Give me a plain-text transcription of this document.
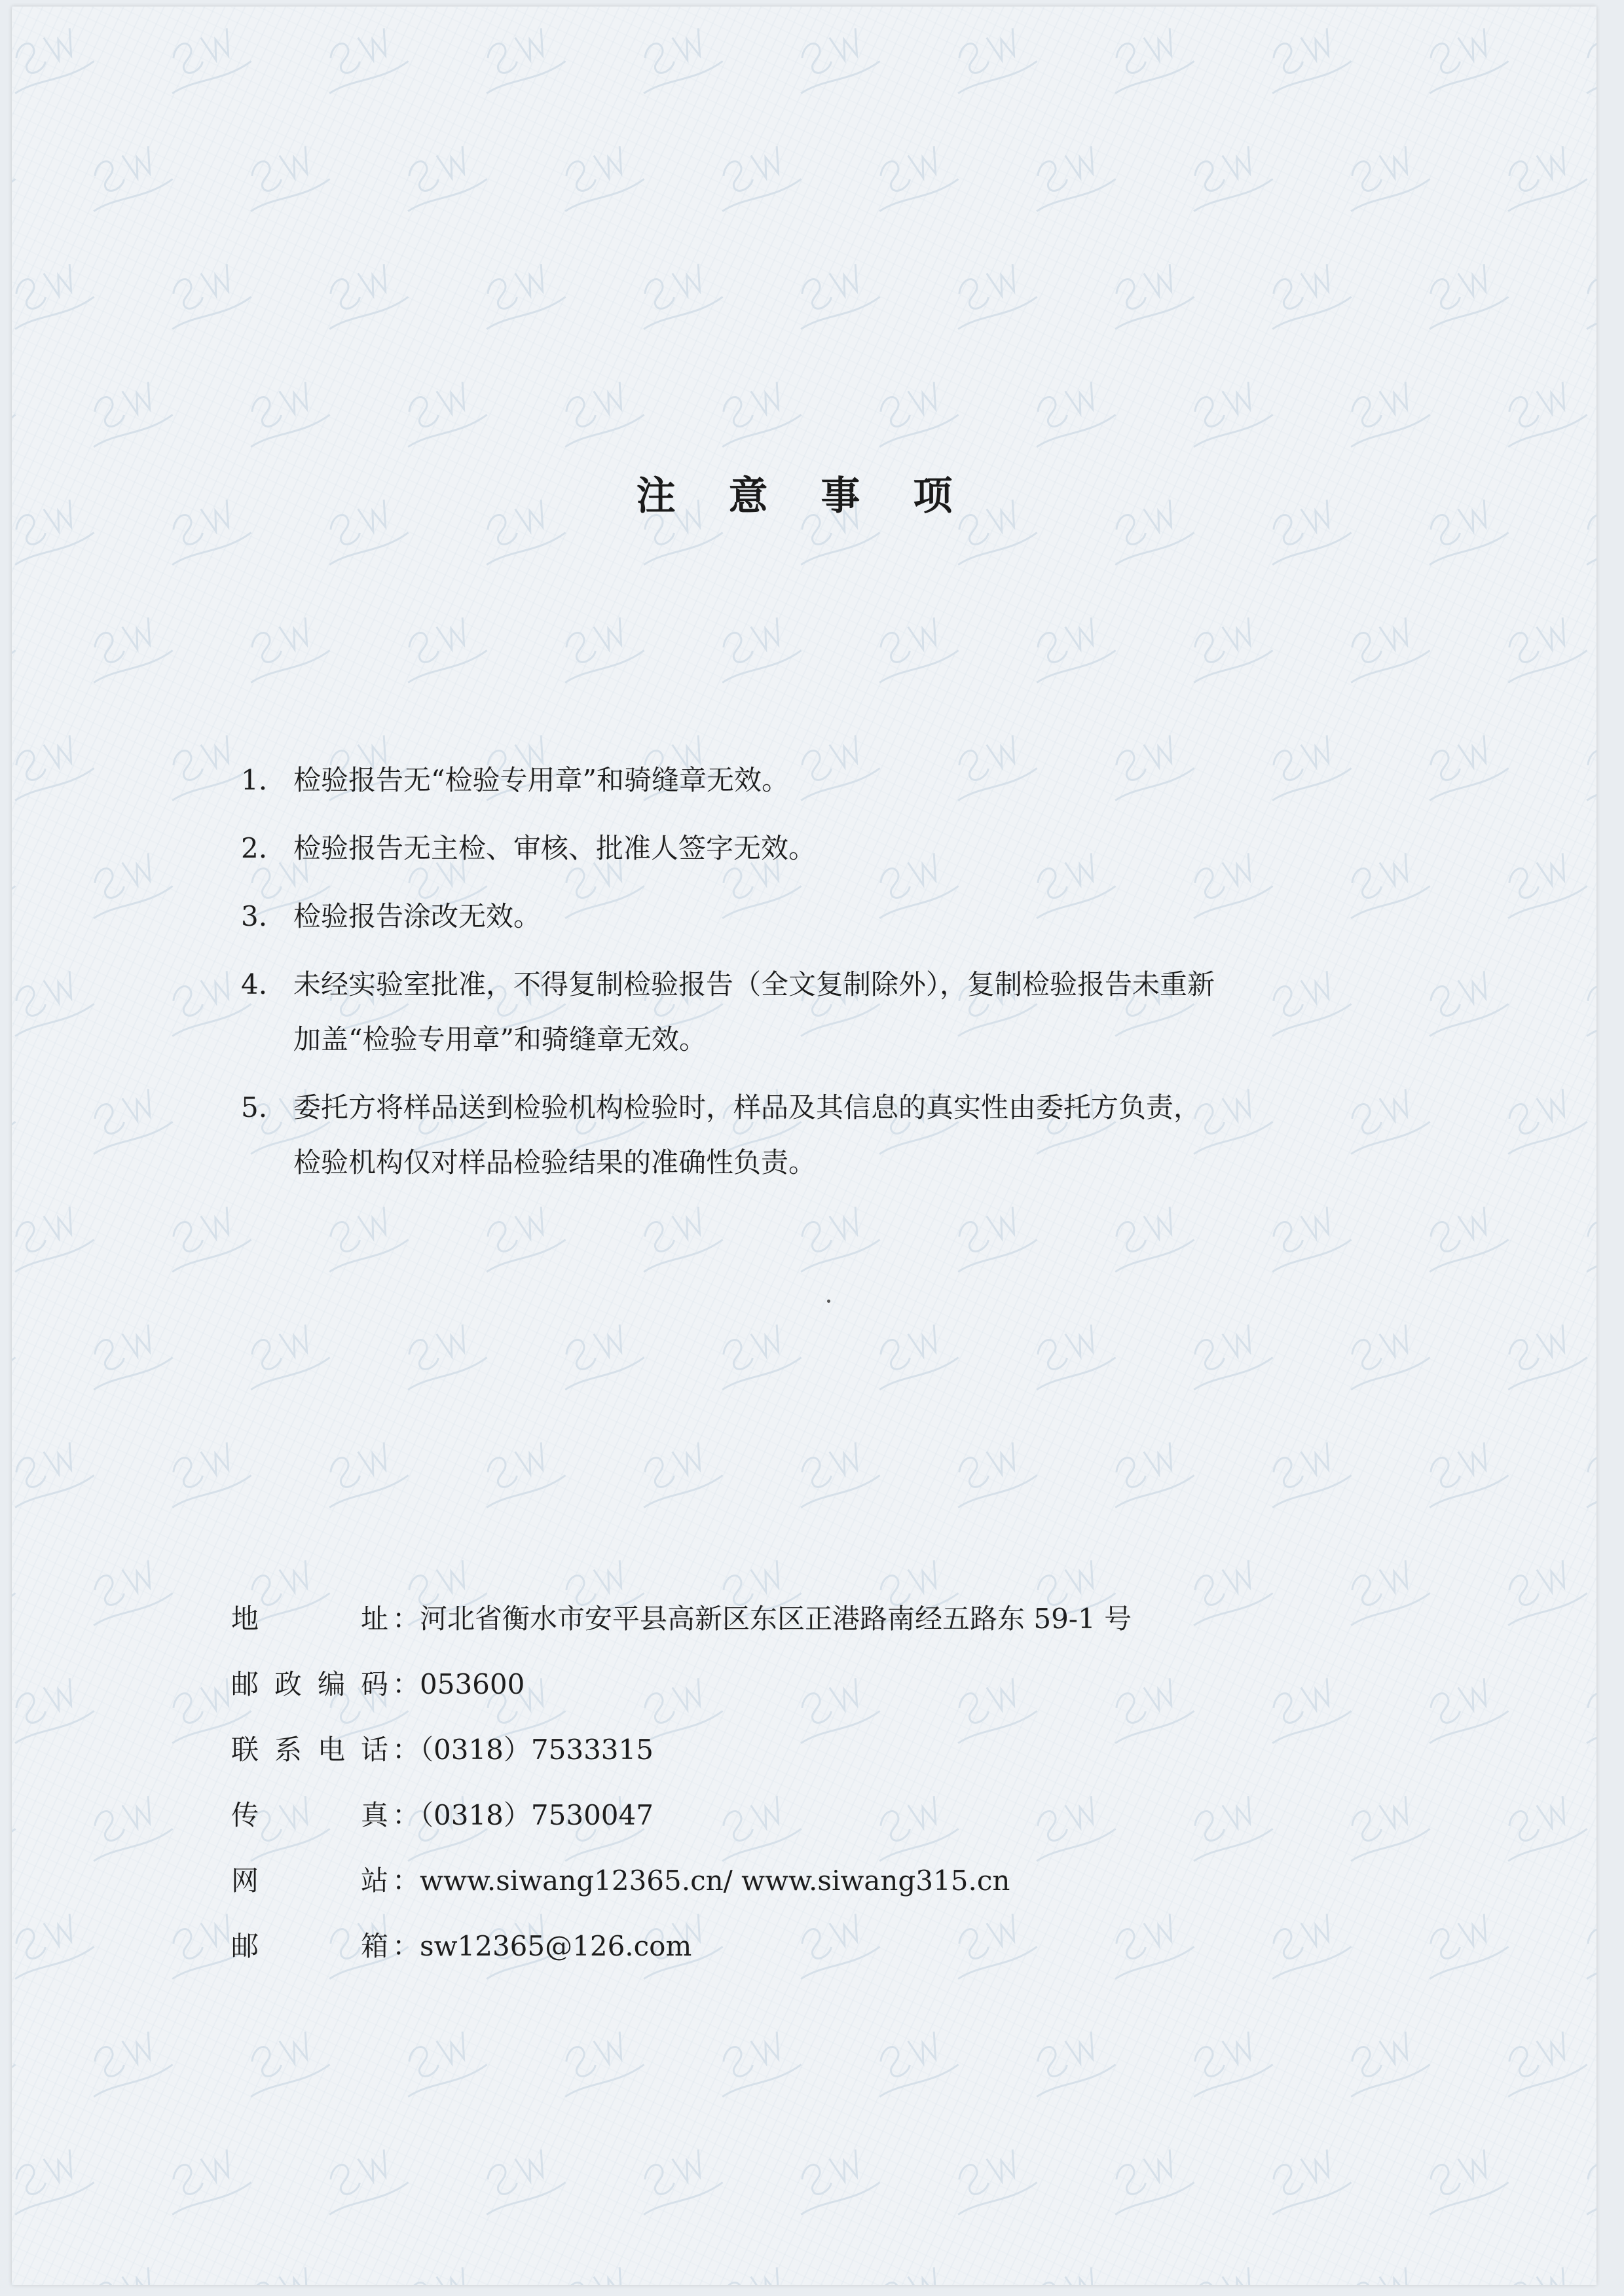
注 意 事 项
1. 检验报告无“检验专用章”和骑缝章无效。
2. 检验报告无主检、审核、批准人签字无效。
3. 检验报告涂改无效。
4. 未经实验室批准，不得复制检验报告（全文复制除外），复制检验报告未重新
加盖“检验专用章”和骑缝章无效。
5. 委托方将样品送到检验机构检验时，样品及其信息的真实性由委托方负责，
检验机构仅对样品检验结果的准确性负责。
地	址 ：河北省衡水市安平县高新区东区正港路南经五路东 59-1 号
邮 政 编 码 ：053600
联 系 电 话 ：（0318）7533315
传	真 ：（0318）7530047
网	站 ：www.siwang12365.cn/ www.siwang315.cn
邮	箱 ：sw12365@126.com
